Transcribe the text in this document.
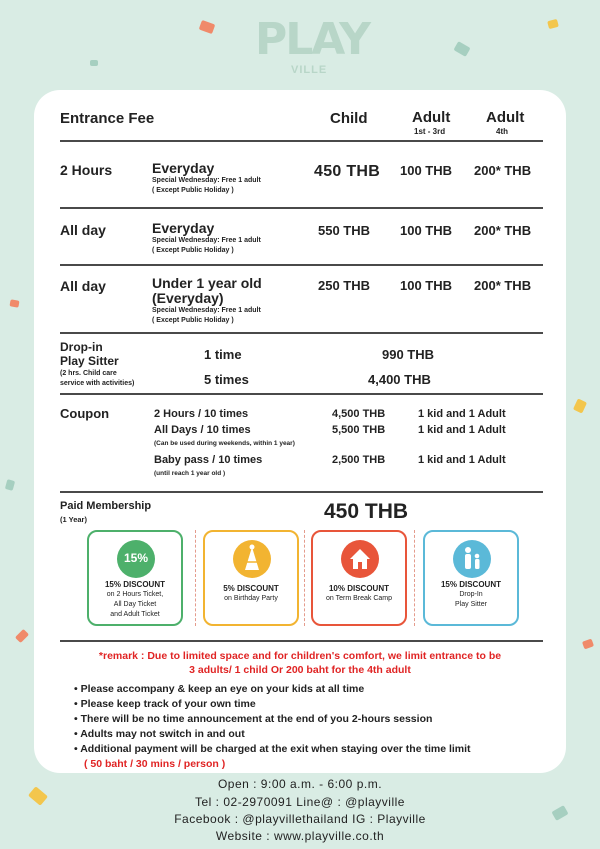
PLAY
VILLE
Entrance Fee	Child	Adult
1st - 3rd
Adult
4th
2 Hours	Everyday
Special Wednesday: Free 1 adult
( Except Public Holiday )
450 THB 100 THB 200* THB
All day	Everyday
Special Wednesday: Free 1 adult
( Except Public Holiday )
550 THB 100 THB 200* THB
All day	Under 1 year old
(Everyday)
Special Wednesday: Free 1 adult
( Except Public Holiday )
250 THB 100 THB 200* THB
Drop-in
Play Sitter
(2 hrs. Child care
service with activities)
1 time	990 THB
5 times	4,400 THB
Coupon	2 Hours / 10 times	4,500 THB	1 kid and 1 Adult
All Days / 10 times
(Can be used during weekends, within 1 year)
5,500 THB	1 kid and 1 Adult
Baby pass / 10 times
(until reach 1 year old )
2,500 THB	1 kid and 1 Adult
Paid Membership
(1 Year)	450 THB
15%
15% DISCOUNT
on 2 Hours Ticket,
All Day Ticket
and Adult Ticket
5% DISCOUNT
on Birthday Party
10% DISCOUNT
on Term Break Camp
15% DISCOUNT
Drop-In
Play Sitter
*remark : Due to limited space and for children's comfort, we limit entrance to be
3 adults/ 1 child Or 200 baht for the 4th adult
• Please accompany & keep an eye on your kids at all time
• Please keep track of your own time
• There will be no time announcement at the end of you 2-hours session
• Adults may not switch in and out
• Additional payment will be charged at the exit when staying over the time limit
( 50 baht / 30 mins / person )
Open : 9:00 a.m. - 6:00 p.m.
Tel : 02-2970091 Line@ : @playville
Facebook : @playvillethailand IG : Playville
Website : www.playville.co.th
